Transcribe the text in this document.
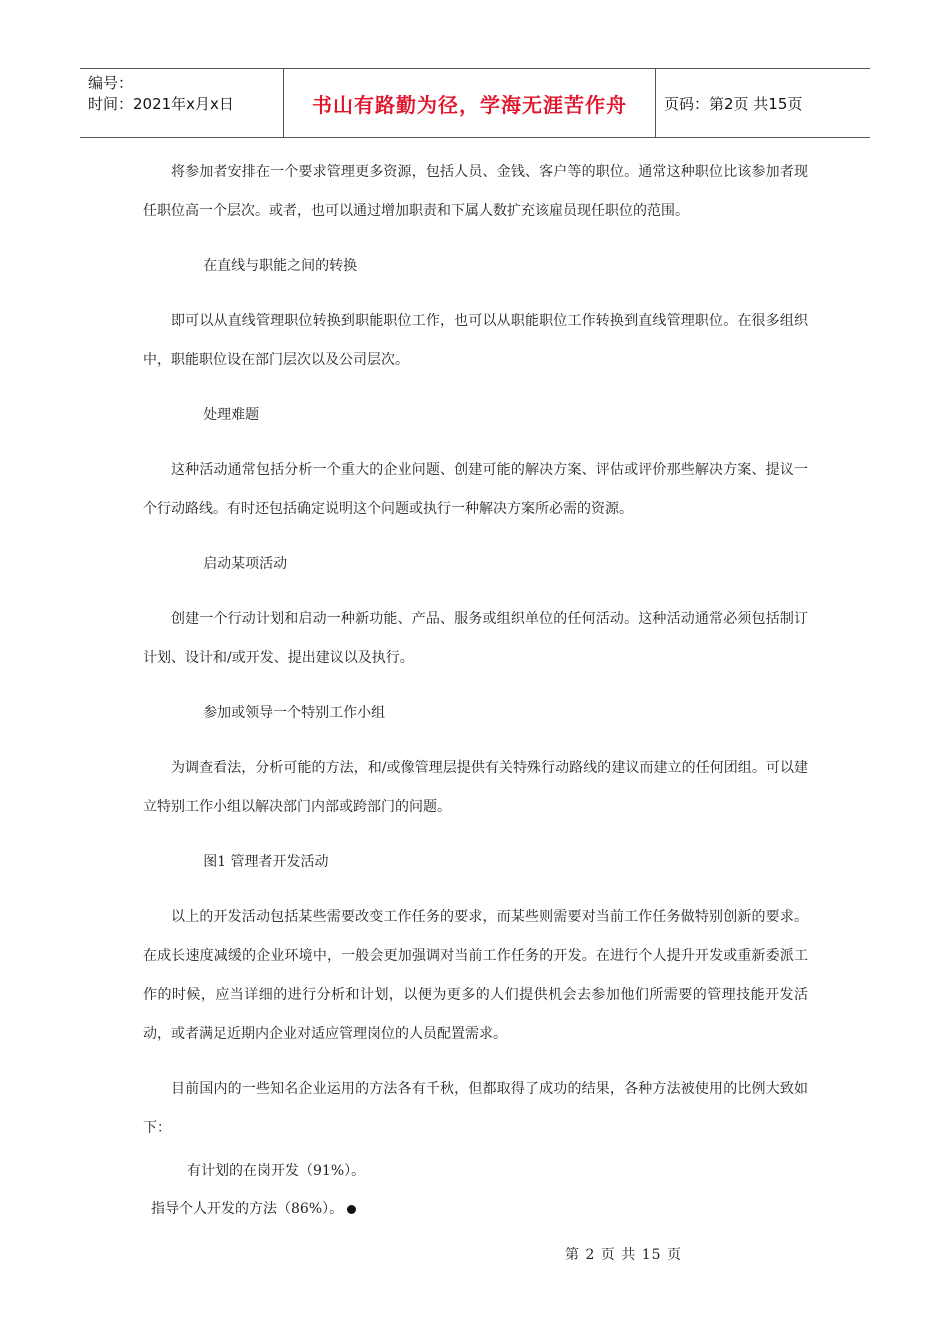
编号：
时间：2021年x月x日	书山有路勤为径，学海无涯苦作舟 页码：第2页 共15页

将参加者安排在一个要求管理更多资源，包括人员、金钱、客户等的职位。通常这种职位比该参加者现任职位高一个层次。或者，也可以通过增加职责和下属人数扩充该雇员现任职位的范围。

在直线与职能之间的转换

即可以从直线管理职位转换到职能职位工作，也可以从职能职位工作转换到直线管理职位。在很多组织中，职能职位设在部门层次以及公司层次。

处理难题

这种活动通常包括分析一个重大的企业问题、创建可能的解决方案、评估或评价那些解决方案、提议一个行动路线。有时还包括确定说明这个问题或执行一种解决方案所必需的资源。

启动某项活动

创建一个行动计划和启动一种新功能、产品、服务或组织单位的任何活动。这种活动通常必须包括制订计划、设计和/或开发、提出建议以及执行。

参加或领导一个特别工作小组

为调查看法，分析可能的方法，和/或像管理层提供有关特殊行动路线的建议而建立的任何团组。可以建立特别工作小组以解决部门内部或跨部门的问题。

图1 管理者开发活动

以上的开发活动包括某些需要改变工作任务的要求，而某些则需要对当前工作任务做特别创新的要求。在成长速度减缓的企业环境中，一般会更加强调对当前工作任务的开发。在进行个人提升开发或重新委派工作的时候，应当详细的进行分析和计划，以便为更多的人们提供机会去参加他们所需要的管理技能开发活动，或者满足近期内企业对适应管理岗位的人员配置需求。

目前国内的一些知名企业运用的方法各有千秋，但都取得了成功的结果，各种方法被使用的比例大致如下：

有计划的在岗开发（91%）。
指导个人开发的方法（86%）。
第 2 页 共 15 页
